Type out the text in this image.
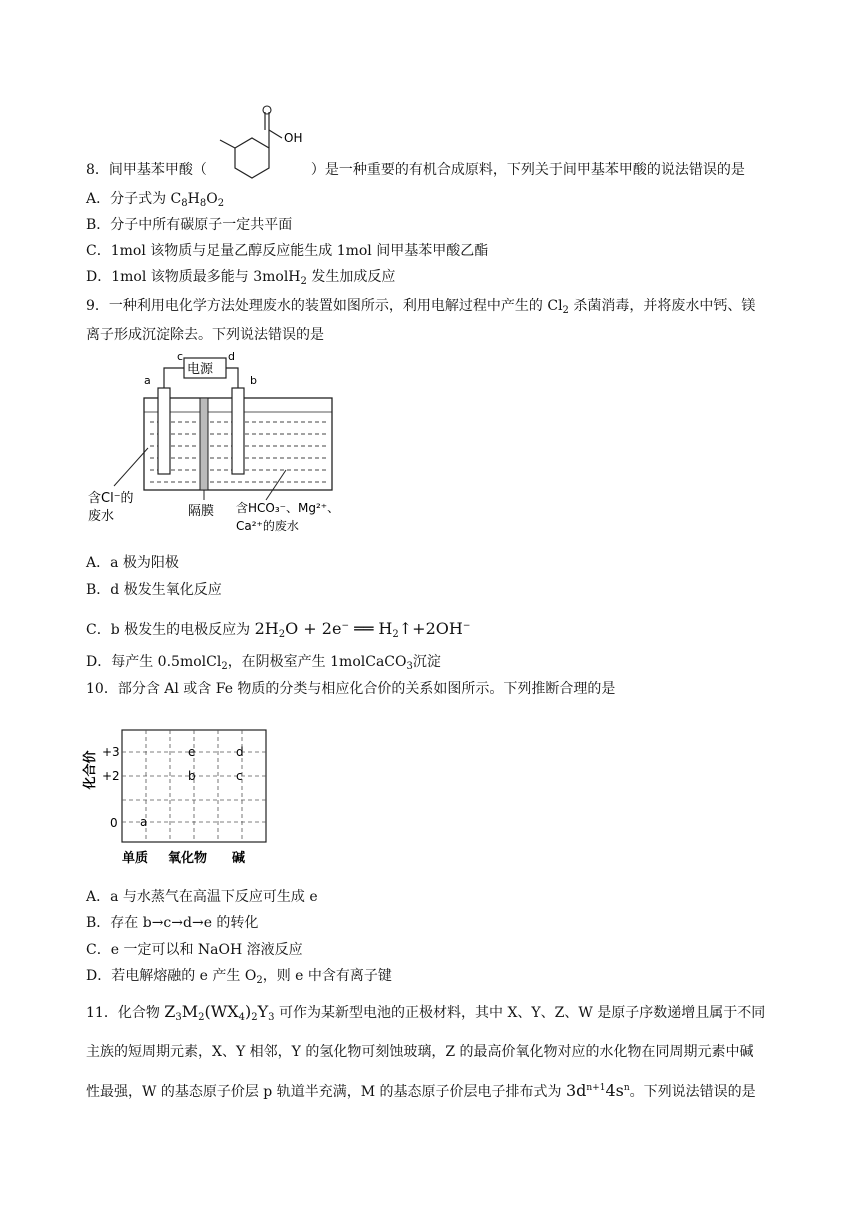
OH
8．间甲基苯甲酸（	）是一种重要的有机合成原料，下列关于间甲基苯甲酸的说法错误的是
A．分子式为 $C_8H_8O_2$
B．分子中所有碳原子一定共平面
C．1mol 该物质与足量乙醇反应能生成 1mol 间甲基苯甲酸乙酯
D．1mol 该物质最多能与 3molH$_2$ 发生加成反应
9．一种利用电化学方法处理废水的装置如图所示，利用电解过程中产生的 $Cl_2$ 杀菌消毒，并将废水中钙、镁
离子形成沉淀除去。下列说法错误的是
电源
c	d
a	b
含Cl⁻的
废水	隔膜 含HCO₃⁻、Mg²⁺、
Ca²⁺的废水
A．a 极为阳极
B．d 极发生氧化反应
C．b 极发生的电极反应为 $2H_2O + 2e^-$ ══ $H_2↑+2OH^-$
D．每产生 0.5molCl$_2$，在阴极室产生 1molCaCO$_3$沉淀
10．部分含 Al 或含 Fe 物质的分类与相应化合价的关系如图所示。下列推断合理的是
化合价 +3
+2
0 a
e
b
d
c
单质 氧化物 碱
A．a 与水蒸气在高温下反应可生成 e
B．存在 b→c→d→e 的转化
C．e 一定可以和 NaOH 溶液反应
D．若电解熔融的 e 产生 $O_2$，则 e 中含有离子键
11．化合物 $Z_3M_2(WX_4)_2Y_3$ 可作为某新型电池的正极材料，其中 X、Y、Z、W 是原子序数递增且属于不同
主族的短周期元素，X、Y 相邻，Y 的氢化物可刻蚀玻璃，Z 的最高价氧化物对应的水化物在同周期元素中碱
性最强，W 的基态原子价层 p 轨道半充满，M 的基态原子价层电子排布式为 $3d^{n+1}4s^n$。下列说法错误的是
